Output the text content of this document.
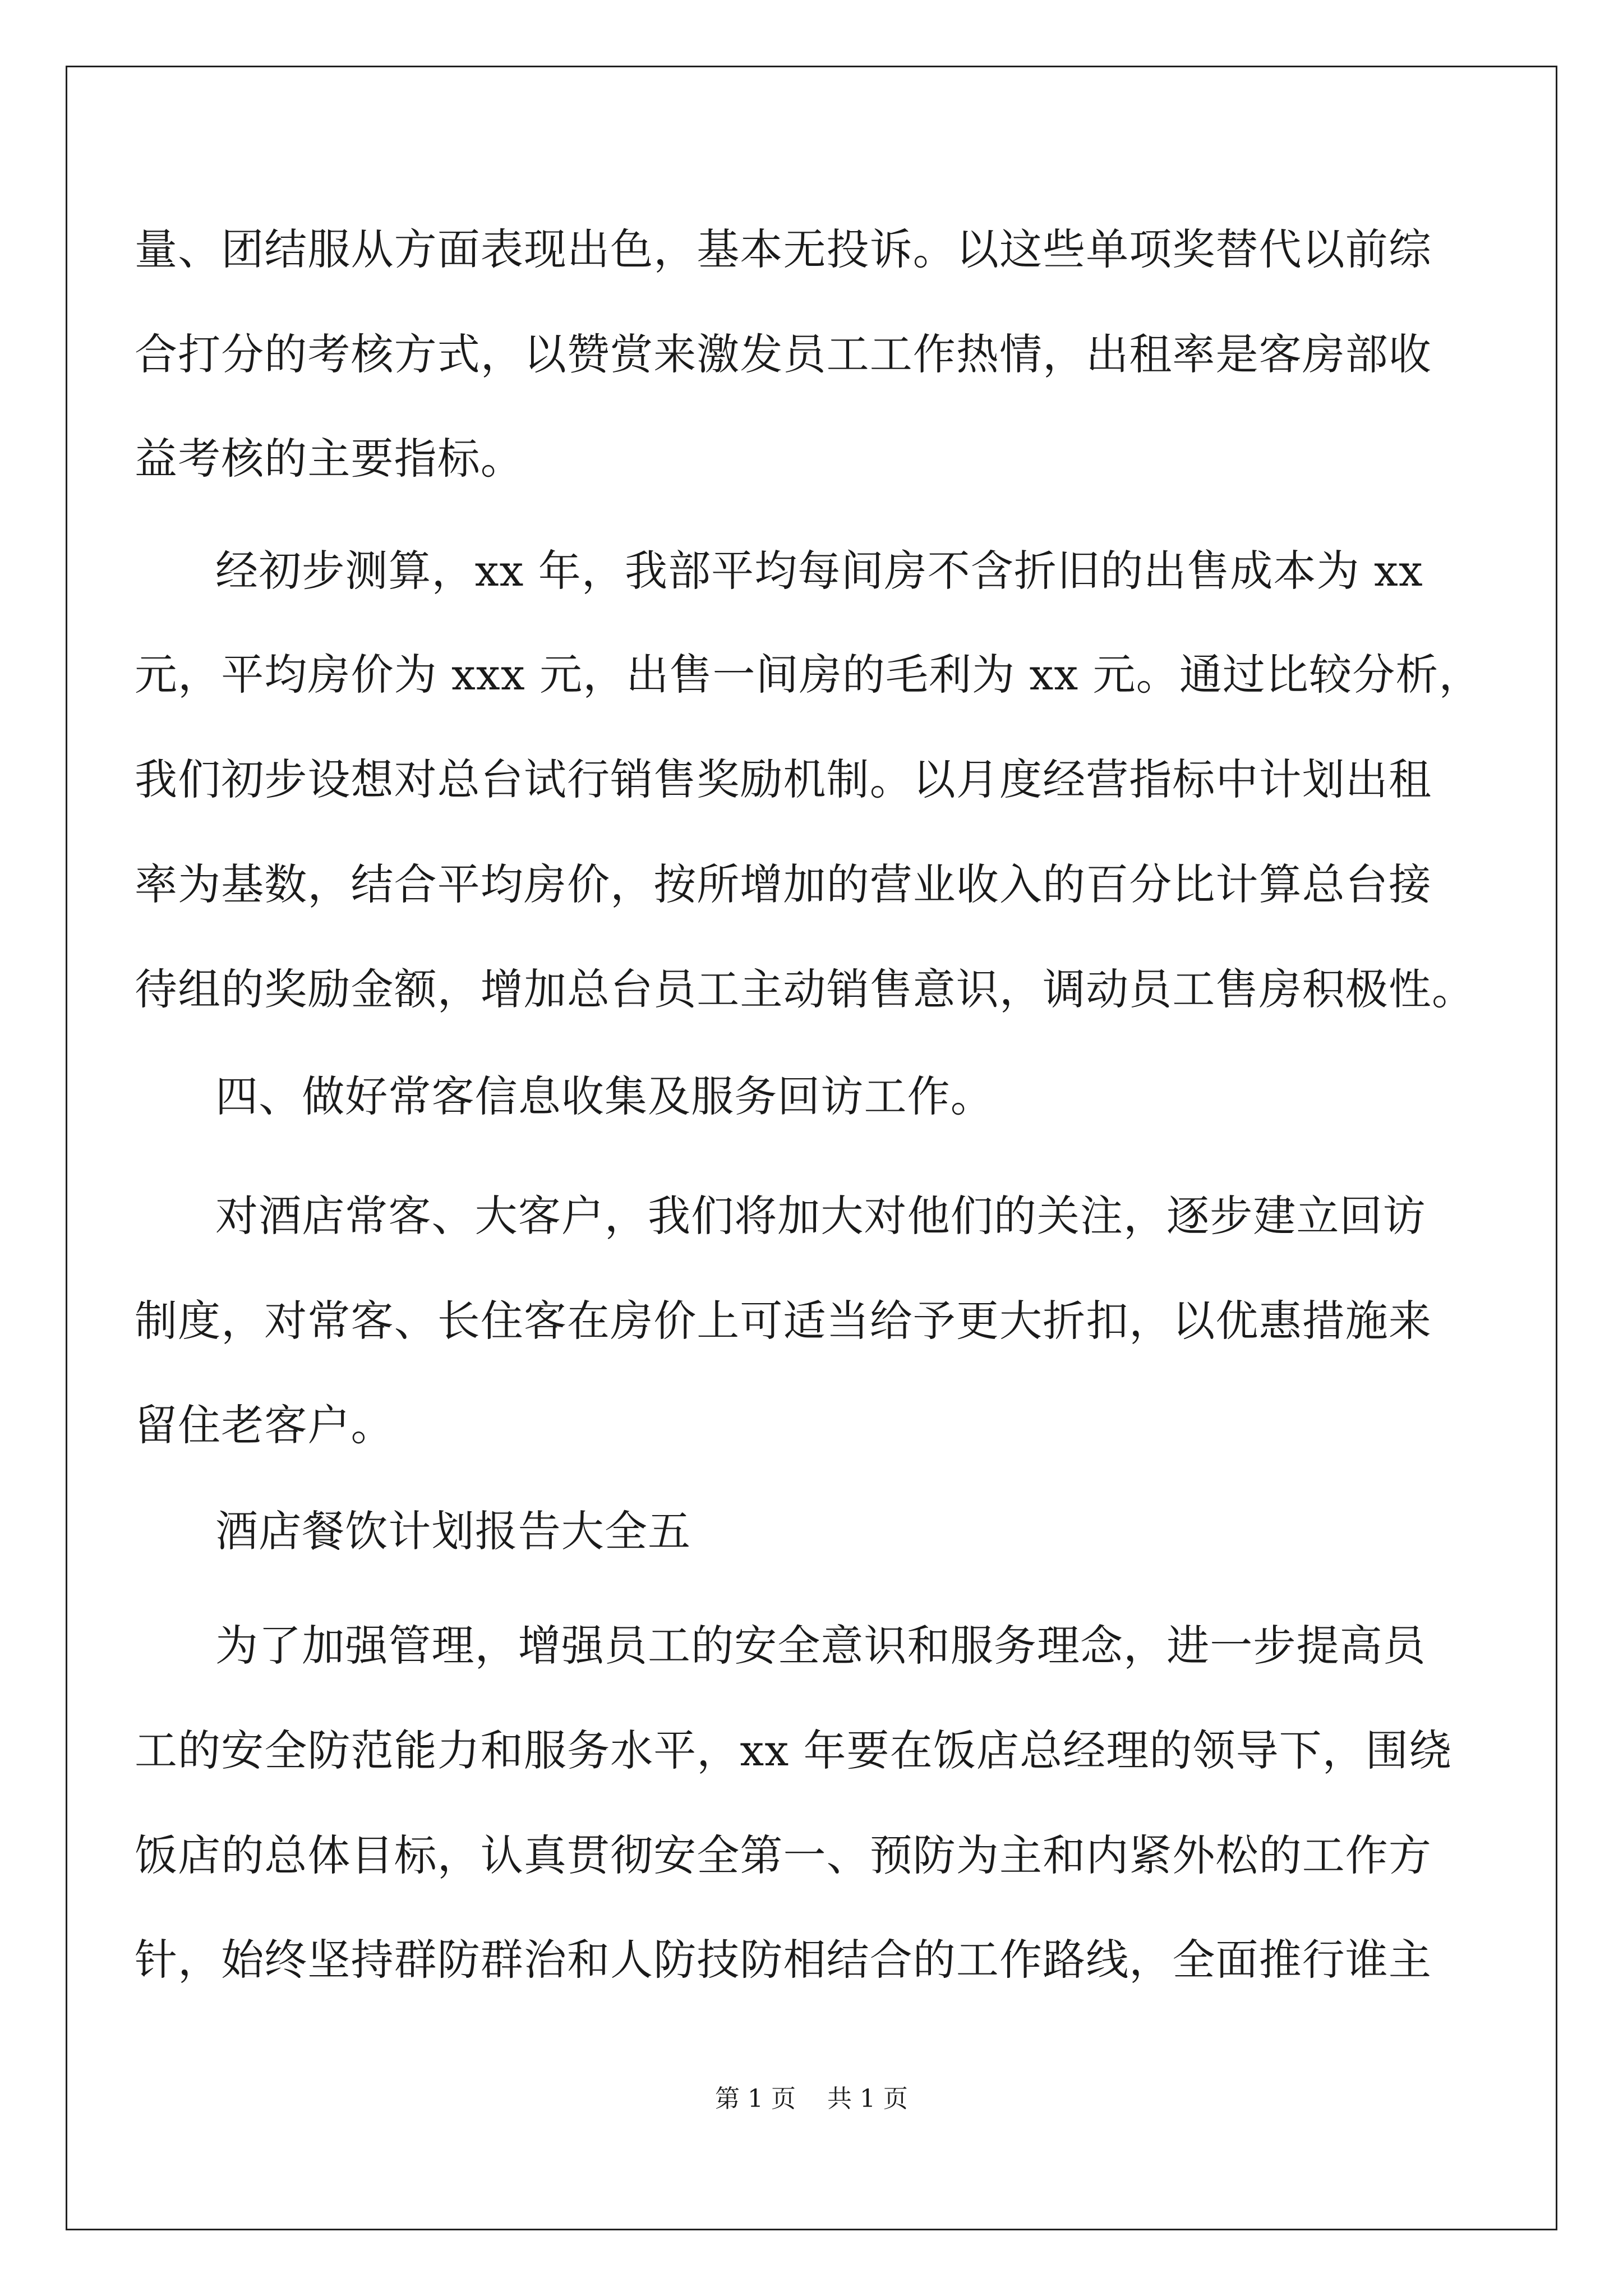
量、团结服从方面表现出色，基本无投诉。以这些单项奖替代以前综
合打分的考核方式，以赞赏来激发员工工作热情，出租率是客房部收
益考核的主要指标。
经初步测算，xx 年，我部平均每间房不含折旧的出售成本为 xx
元，平均房价为 xxx 元，出售一间房的毛利为 xx 元。通过比较分析，
我们初步设想对总台试行销售奖励机制。以月度经营指标中计划出租
率为基数，结合平均房价，按所增加的营业收入的百分比计算总台接
待组的奖励金额，增加总台员工主动销售意识，调动员工售房积极性。
四、做好常客信息收集及服务回访工作。
对酒店常客、大客户，我们将加大对他们的关注，逐步建立回访
制度，对常客、长住客在房价上可适当给予更大折扣，以优惠措施来
留住老客户。
酒店餐饮计划报告大全五
为了加强管理，增强员工的安全意识和服务理念，进一步提高员
工的安全防范能力和服务水平，xx 年要在饭店总经理的领导下，围绕
饭店的总体目标，认真贯彻安全第一、预防为主和内紧外松的工作方
针，始终坚持群防群治和人防技防相结合的工作路线，全面推行谁主
第 1 页    共 1 页
